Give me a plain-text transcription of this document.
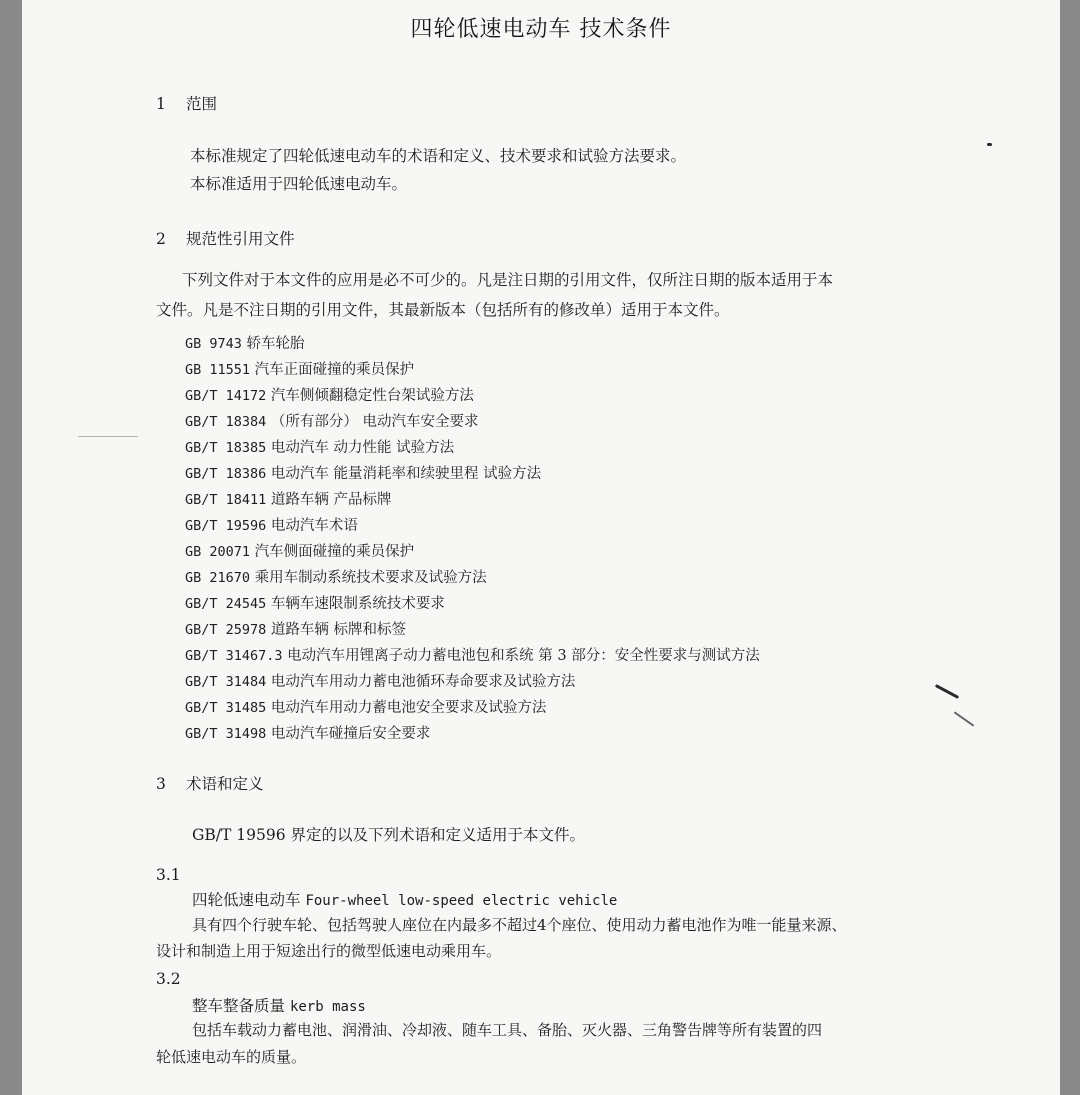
四轮低速电动车 技术条件
1 范围
本标准规定了四轮低速电动车的术语和定义、技术要求和试验方法要求。
本标准适用于四轮低速电动车。
2 规范性引用文件
下列文件对于本文件的应用是必不可少的。凡是注日期的引用文件，仅所注日期的版本适用于本
文件。凡是不注日期的引用文件，其最新版本（包括所有的修改单）适用于本文件。
GB 9743 轿车轮胎
GB 11551 汽车正面碰撞的乘员保护
GB/T 14172 汽车侧倾翻稳定性台架试验方法
GB/T 18384 （所有部分） 电动汽车安全要求
GB/T 18385 电动汽车 动力性能 试验方法
GB/T 18386 电动汽车 能量消耗率和续驶里程 试验方法
GB/T 18411 道路车辆 产品标牌
GB/T 19596 电动汽车术语
GB 20071 汽车侧面碰撞的乘员保护
GB 21670 乘用车制动系统技术要求及试验方法
GB/T 24545 车辆车速限制系统技术要求
GB/T 25978 道路车辆 标牌和标签
GB/T 31467.3 电动汽车用锂离子动力蓄电池包和系统 第 3 部分：安全性要求与测试方法
GB/T 31484 电动汽车用动力蓄电池循环寿命要求及试验方法
GB/T 31485 电动汽车用动力蓄电池安全要求及试验方法
GB/T 31498 电动汽车碰撞后安全要求
3 术语和定义
GB/T 19596 界定的以及下列术语和定义适用于本文件。
3.1
四轮低速电动车 Four-wheel low-speed electric vehicle
具有四个行驶车轮、包括驾驶人座位在内最多不超过4个座位、使用动力蓄电池作为唯一能量来源、
设计和制造上用于短途出行的微型低速电动乘用车。
3.2
整车整备质量 kerb mass
包括车载动力蓄电池、润滑油、冷却液、随车工具、备胎、灭火器、三角警告牌等所有装置的四
轮低速电动车的质量。
